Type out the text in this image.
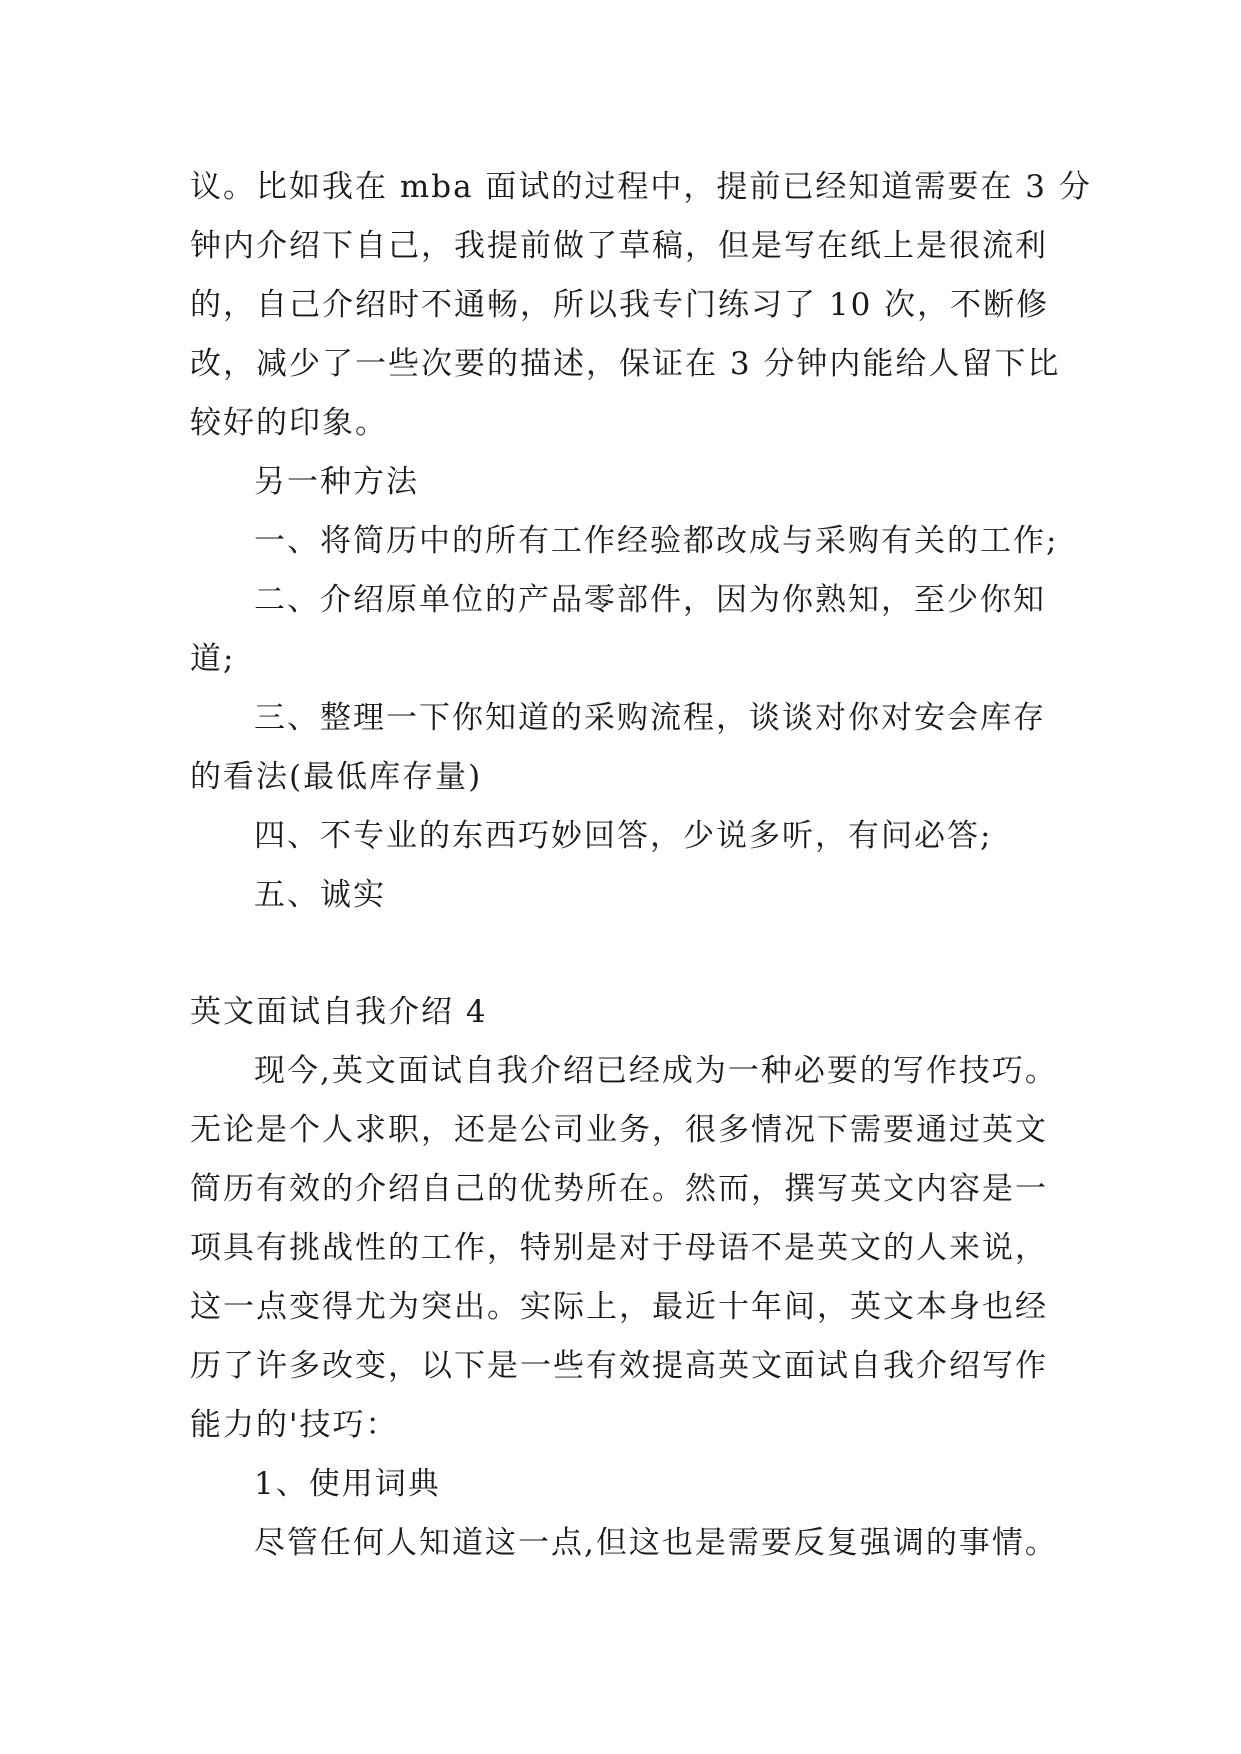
议。比如我在 mba 面试的过程中，提前已经知道需要在 3 分
钟内介绍下自己，我提前做了草稿，但是写在纸上是很流利
的，自己介绍时不通畅，所以我专门练习了 10 次，不断修
改，减少了一些次要的描述，保证在 3 分钟内能给人留下比
较好的印象。
另一种方法
一、将简历中的所有工作经验都改成与采购有关的工作;
二、介绍原单位的产品零部件，因为你熟知，至少你知
道;
三、整理一下你知道的采购流程，谈谈对你对安会库存
的看法(最低库存量)
四、不专业的东西巧妙回答，少说多听，有问必答;
五、诚实
英文面试自我介绍 4
现今,英文面试自我介绍已经成为一种必要的写作技巧。
无论是个人求职，还是公司业务，很多情况下需要通过英文
简历有效的介绍自己的优势所在。然而，撰写英文内容是一
项具有挑战性的工作，特别是对于母语不是英文的人来说，
这一点变得尤为突出。实际上，最近十年间，英文本身也经
历了许多改变，以下是一些有效提高英文面试自我介绍写作
能力的'技巧：
1、使用词典
尽管任何人知道这一点,但这也是需要反复强调的事情。
